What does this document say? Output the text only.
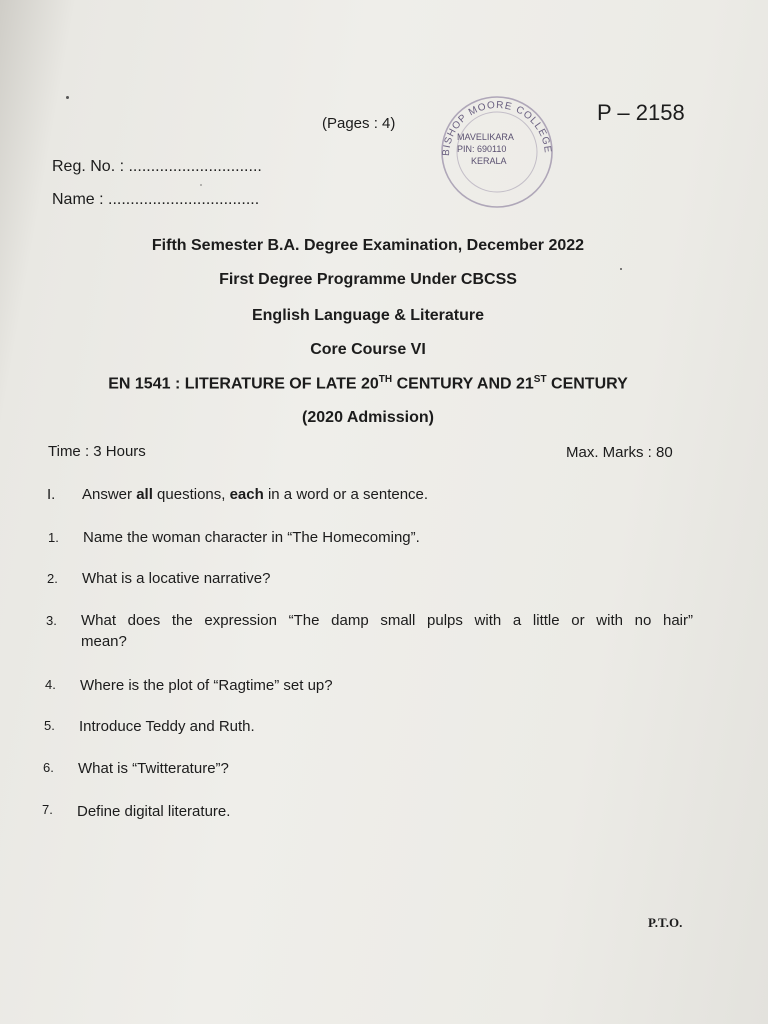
(Pages : 4)	P – 2158
BISHOP MOORE COLLEGE
MAVELIKARA
PIN: 690110
KERALA
Reg. No. : ..............................
Name : ..................................
Fifth Semester B.A. Degree Examination, December 2022
First Degree Programme Under CBCSS
English Language & Literature
Core Course VI
EN 1541 : LITERATURE OF LATE 20TH CENTURY AND 21ST CENTURY
(2020 Admission)
Time : 3 Hours	Max. Marks : 80
I. Answer all questions, each in a word or a sentence.
1. Name the woman character in “The Homecoming”.
2. What is a locative narrative?
3. What does the expression “The damp small pulps with a little or with no hair”
mean?
4. Where is the plot of “Ragtime” set up?
5. Introduce Teddy and Ruth.
6. What is “Twitterature”?
7. Define digital literature.
P.T.O.
